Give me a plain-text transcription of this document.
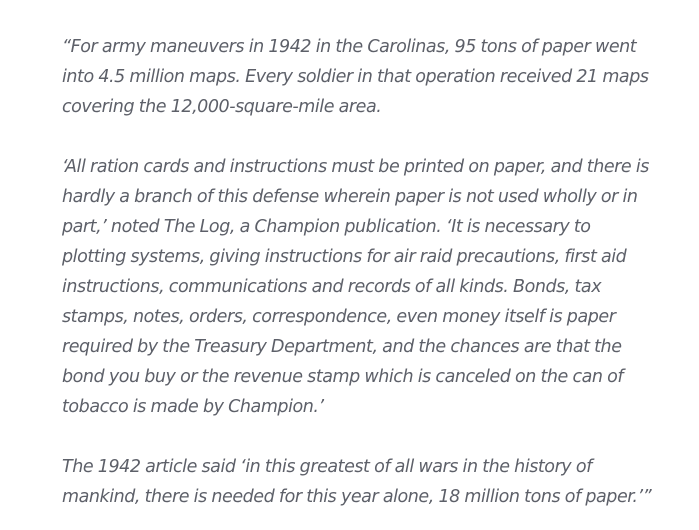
“For army maneuvers in 1942 in the Carolinas, 95 tons of paper went into 4.5 million maps. Every soldier in that operation received 21 maps covering the 12,000-square-mile area.

‘All ration cards and instructions must be printed on paper, and there is hardly a branch of this defense wherein paper is not used wholly or in part,’ noted The Log, a Champion publication. ‘It is necessary to plotting systems, giving instructions for air raid precautions, first aid instructions, communications and records of all kinds. Bonds, tax stamps, notes, orders, correspondence, even money itself is paper required by the Treasury Department, and the chances are that the bond you buy or the revenue stamp which is canceled on the can of tobacco is made by Champion.’

The 1942 article said ‘in this greatest of all wars in the history of mankind, there is needed for this year alone, 18 million tons of paper.’”
